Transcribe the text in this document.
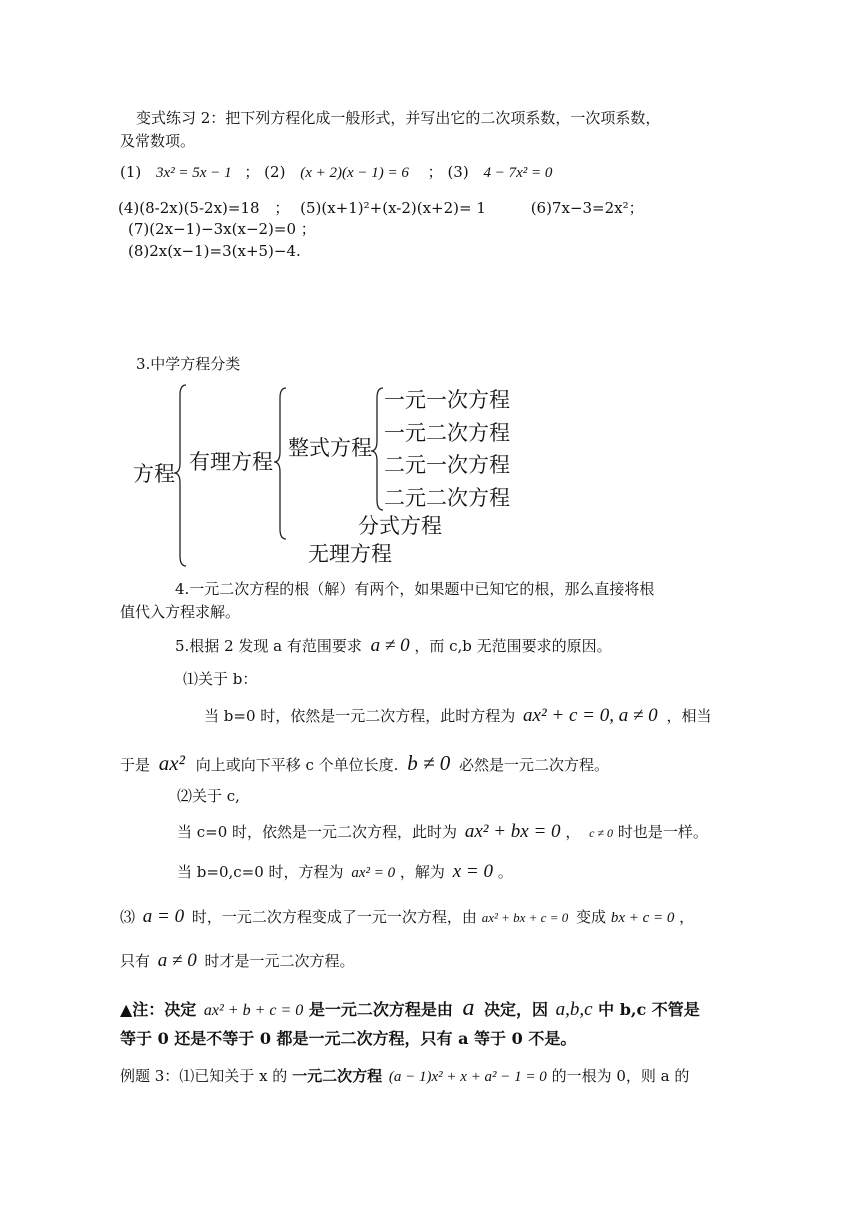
变式练习 2：把下列方程化成一般形式，并写出它的二次项系数，一次项系数，
及常数项。
(1) 3x² = 5x − 1 ； (2) (x + 2)(x − 1) = 6 ； (3) 4 − 7x² = 0
(4)(8-2x)(5-2x)=18 ； (5)(x+1)²+(x-2)(x+2)= 1	(6)7x−3=2x²；
(7)(2x−1)−3x(x−2)=0 ；
(8)2x(x−1)=3(x+5)−4.
3.中学方程分类
方程 有理方程
整式方程
一元一次方程
一元二次方程
二元一次方程
二元二次方程
分式方程
无理方程
4.一元二次方程的根（解）有两个，如果题中已知它的根，那么直接将根
值代入方程求解。
5.根据 2 发现 a 有范围要求 a ≠ 0 ，而 c,b 无范围要求的原因。
⑴关于 b：
当 b=0 时，依然是一元二次方程，此时方程为 ax² + c = 0, a ≠ 0 ，相当
于是 ax² 向上或向下平移 c 个单位长度. b ≠ 0 必然是一元二次方程。
⑵关于 c,
当 c=0 时，依然是一元二次方程，此时为 ax² + bx = 0 ， c ≠ 0 时也是一样。
当 b=0,c=0 时，方程为 ax² = 0 ，解为 x = 0 。
⑶ a = 0 时，一元二次方程变成了一元一次方程，由 ax² + bx + c = 0 变成 bx + c = 0 ，
只有 a ≠ 0 时才是一元二次方程。
▲注：决定 ax² + b + c = 0 是一元二次方程是由 a 决定，因 a,b,c 中 b,c 不管是
等于 0 还是不等于 0 都是一元二次方程，只有 a 等于 0 不是。
例题 3：⑴已知关于 x 的 一元二次方程 (a − 1)x² + x + a² − 1 = 0 的一根为 0，则 a 的
